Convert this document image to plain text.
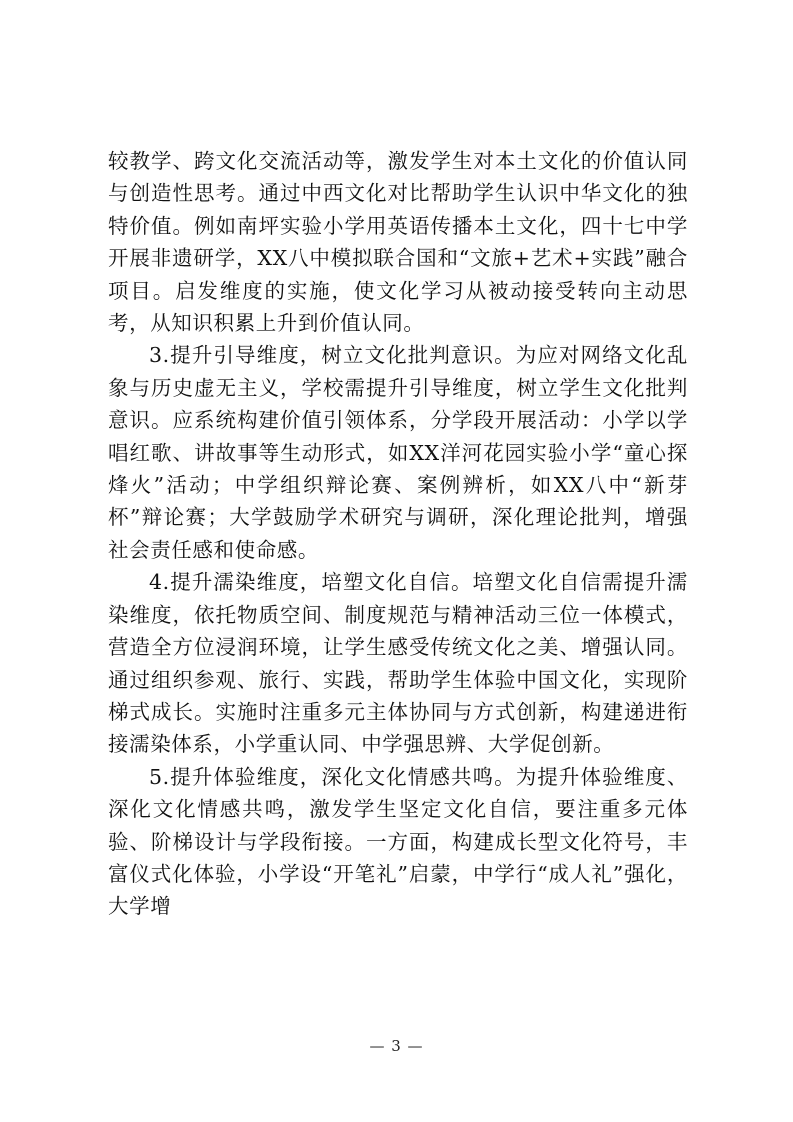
较教学、跨文化交流活动等，激发学生对本土文化的价值认同与创造性思考。通过中西文化对比帮助学生认识中华文化的独特价值。例如南坪实验小学用英语传播本土文化，四十七中学开展非遗研学，XX八中模拟联合国和“文旅+艺术+实践”融合项目。启发维度的实施，使文化学习从被动接受转向主动思考，从知识积累上升到价值认同。

3.提升引导维度，树立文化批判意识。为应对网络文化乱象与历史虚无主义，学校需提升引导维度，树立学生文化批判意识。应系统构建价值引领体系，分学段开展活动：小学以学唱红歌、讲故事等生动形式，如XX洋河花园实验小学“童心探烽火”活动；中学组织辩论赛、案例辨析，如XX八中“新芽杯”辩论赛；大学鼓励学术研究与调研，深化理论批判，增强社会责任感和使命感。

4.提升濡染维度，培塑文化自信。培塑文化自信需提升濡染维度，依托物质空间、制度规范与精神活动三位一体模式，营造全方位浸润环境，让学生感受传统文化之美、增强认同。通过组织参观、旅行、实践，帮助学生体验中国文化，实现阶梯式成长。实施时注重多元主体协同与方式创新，构建递进衔接濡染体系，小学重认同、中学强思辨、大学促创新。

5.提升体验维度，深化文化情感共鸣。为提升体验维度、深化文化情感共鸣，激发学生坚定文化自信，要注重多元体验、阶梯设计与学段衔接。一方面，构建成长型文化符号，丰富仪式化体验，小学设“开笔礼”启蒙，中学行“成人礼”强化，大学增

— 3 —
